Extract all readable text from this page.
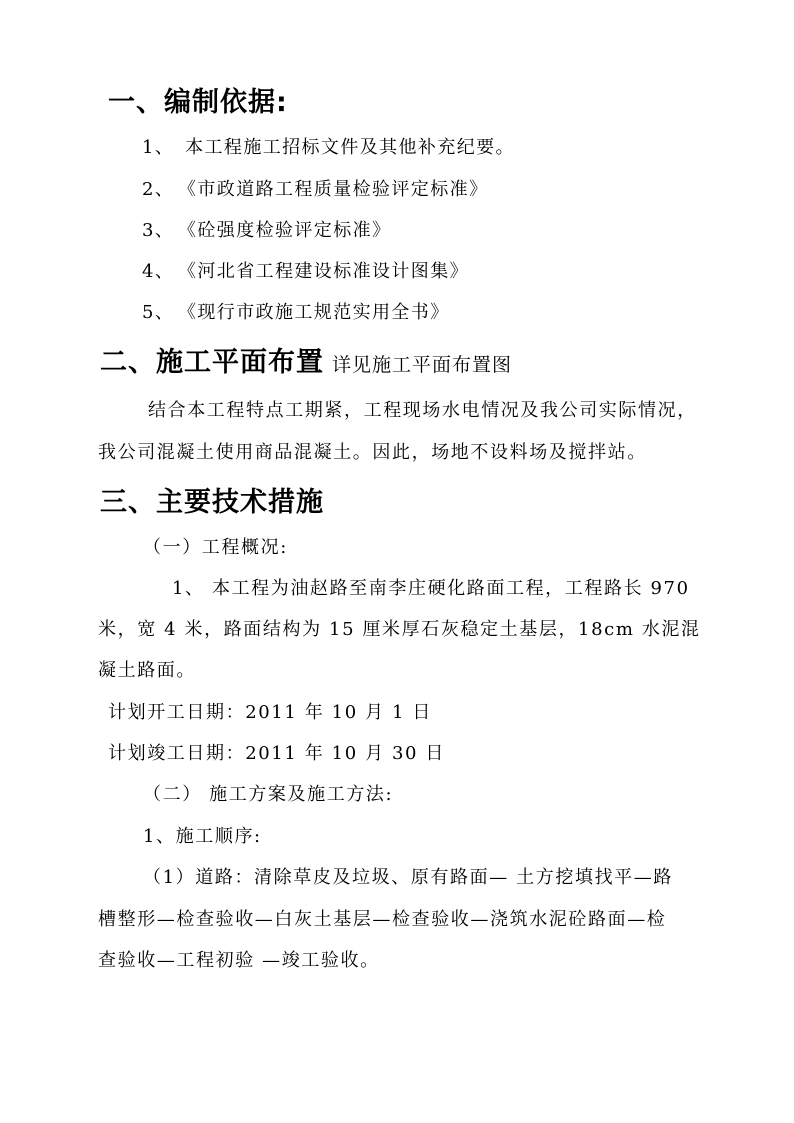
一、编制依据:
1、 本工程施工招标文件及其他补充纪要。
2、 《市政道路工程质量检验评定标准》
3、 《砼强度检验评定标准》
4、 《河北省工程建设标准设计图集》
5、 《现行市政施工规范实用全书》
二、施工平面布置 详见施工平面布置图
结合本工程特点工期紧，工程现场水电情况及我公司实际情况，
我公司混凝土使用商品混凝土。因此，场地不设料场及搅拌站。
三、主要技术措施
（一）工程概况:
1、 本工程为油赵路至南李庄硬化路面工程，工程路长 970
米，宽 4 米，路面结构为 15 厘米厚石灰稳定土基层，18cm 水泥混
凝土路面。
计划开工日期：2011 年 10 月 1 日
计划竣工日期：2011 年 10 月 30 日
（二） 施工方案及施工方法:
1、施工顺序:
（1）道路：清除草皮及垃圾、原有路面— 土方挖填找平—路
槽整形—检查验收—白灰土基层—检查验收—浇筑水泥砼路面—检
查验收—工程初验 —竣工验收。
